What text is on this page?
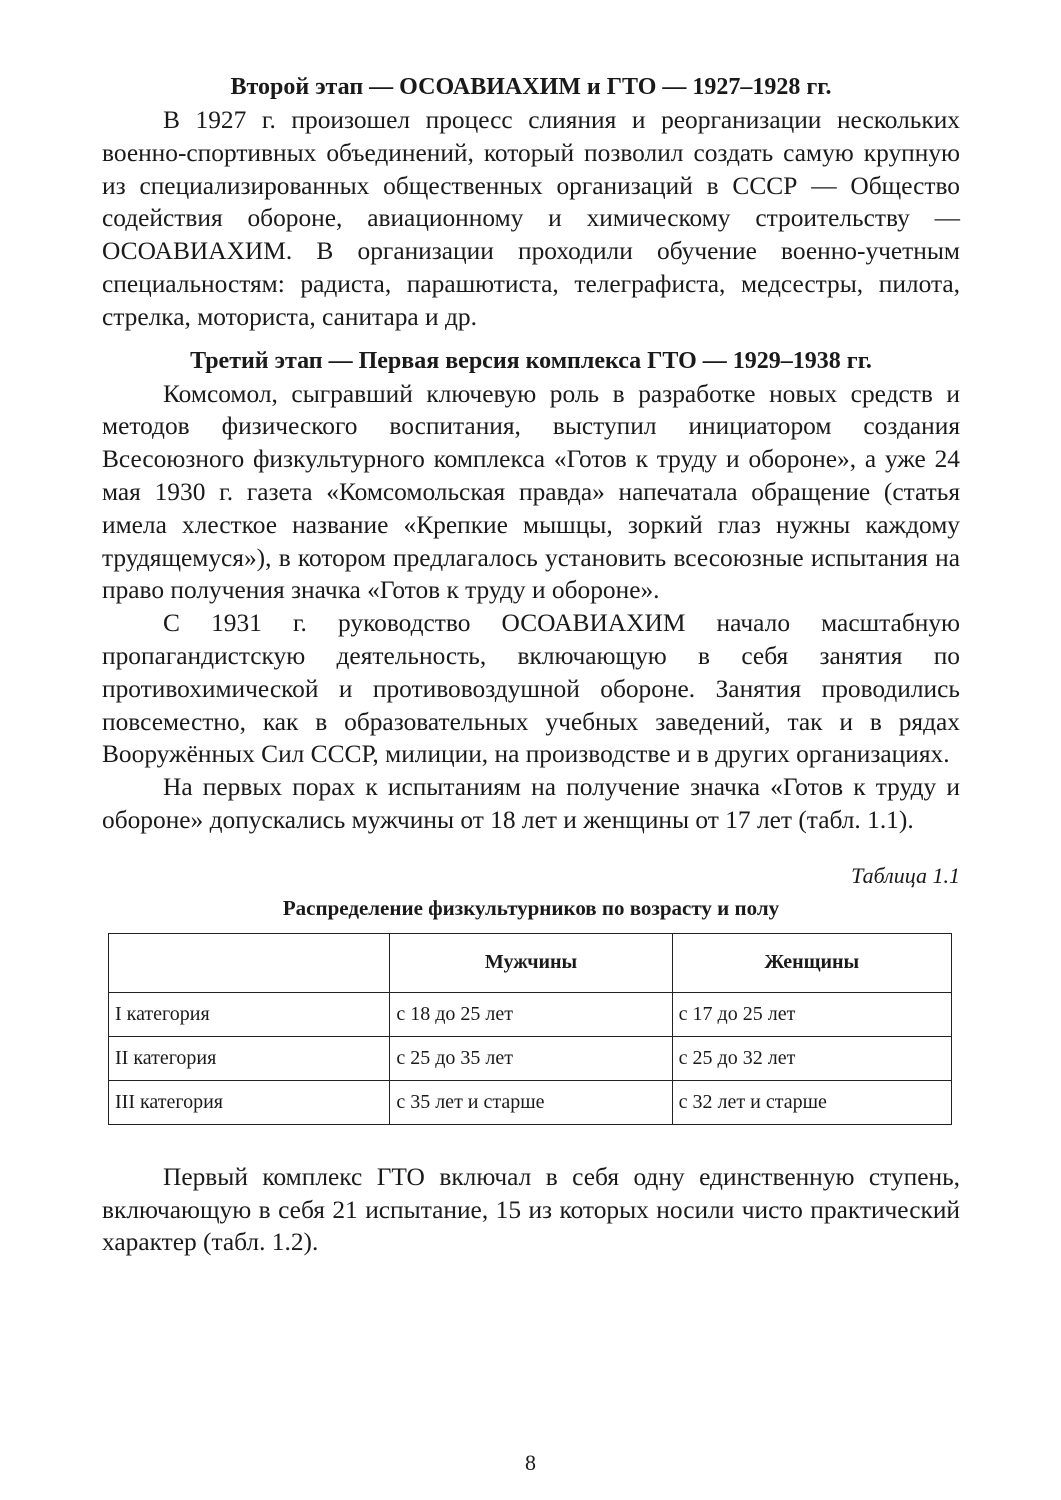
Второй этап — ОСОАВИАХИМ и ГТО — 1927–1928 гг.

В 1927 г. произошел процесс слияния и реорганизации нескольких военно-спортивных объединений, который позволил создать самую крупную из специализированных общественных организаций в СССР — Общество содействия обороне, авиационному и химическому строительству — ОСОАВИАХИМ. В организации проходили обучение военно-учетным специальностям: радиста, парашютиста, телеграфиста, медсестры, пилота, стрелка, моториста, санитара и др.

Третий этап — Первая версия комплекса ГТО — 1929–1938 гг.

Комсомол, сыгравший ключевую роль в разработке новых средств и методов физического воспитания, выступил инициатором создания Всесоюзного физкультурного комплекса «Готов к труду и обороне», а уже 24 мая 1930 г. газета «Комсомольская правда» напечатала обращение (статья имела хлесткое название «Крепкие мышцы, зоркий глаз нужны каждому трудящемуся»), в котором предлагалось установить всесоюзные испытания на право получения значка «Готов к труду и обороне».

С 1931 г. руководство ОСОАВИАХИМ начало масштабную пропагандистскую деятельность, включающую в себя занятия по противохимической и противовоздушной обороне. Занятия проводились повсеместно, как в образовательных учебных заведений, так и в рядах Вооружённых Сил СССР, милиции, на производстве и в других организациях.

На первых порах к испытаниям на получение значка «Готов к труду и обороне» допускались мужчины от 18 лет и женщины от 17 лет (табл. 1.1).

Таблица 1.1
Распределение физкультурников по возрасту и полу
	Мужчины	Женщины
I категория	с 18 до 25 лет	с 17 до 25 лет
II категория	с 25 до 35 лет	с 25 до 32 лет
III категория	с 35 лет и старше	с 32 лет и старше

Первый комплекс ГТО включал в себя одну единственную ступень, включающую в себя 21 испытание, 15 из которых носили чисто практический характер (табл. 1.2).

8
